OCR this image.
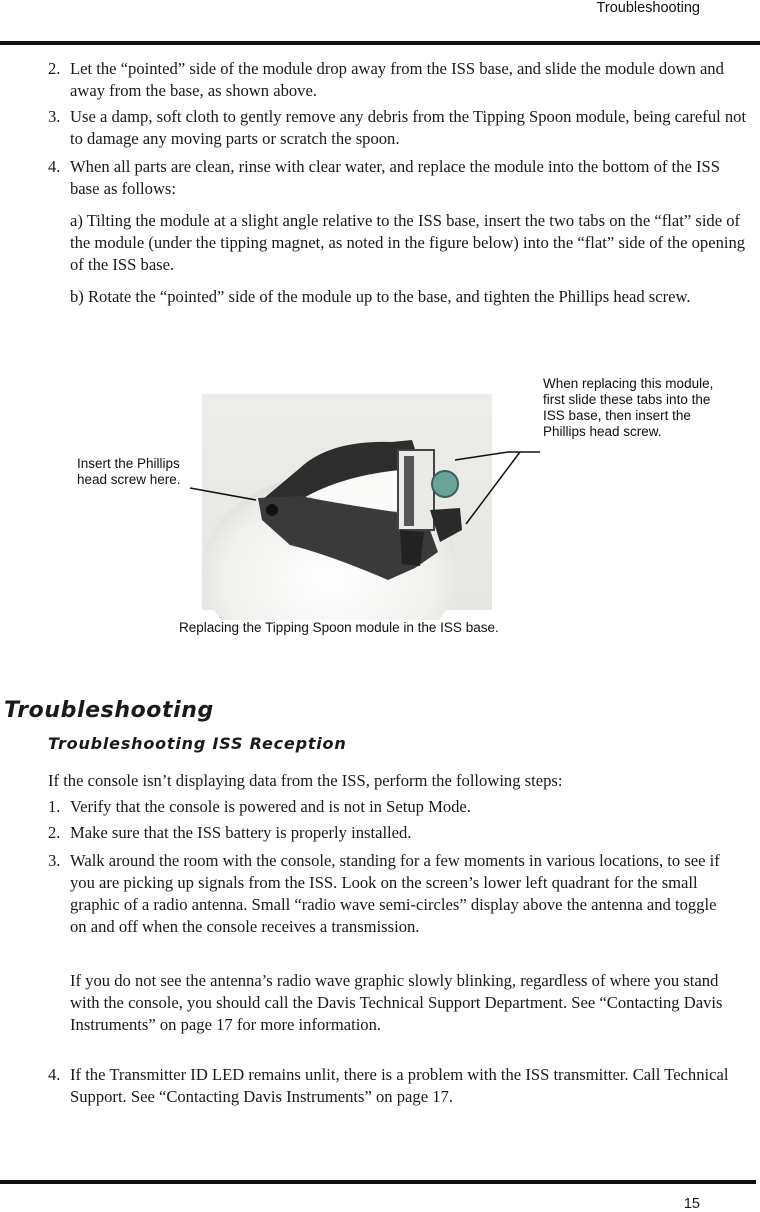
Troubleshooting
2. Let the “pointed” side of the module drop away from the ISS base, and slide the module down and away from the base, as shown above.
3. Use a damp, soft cloth to gently remove any debris from the Tipping Spoon module, being careful not to damage any moving parts or scratch the spoon.
4. When all parts are clean, rinse with clear water, and replace the module into the bottom of the ISS base as follows:
a) Tilting the module at a slight angle relative to the ISS base, insert the two tabs on the “flat” side of the module (under the tipping magnet, as noted in the figure below) into the “flat” side of the opening of the ISS base.
b) Rotate the “pointed” side of the module up to the base, and tighten the Phillips head screw.
Insert the Phillips head screw here.
When replacing this module, first slide these tabs into the ISS base, then insert the Phillips head screw.
Replacing the Tipping Spoon module in the ISS base.
Troubleshooting
Troubleshooting ISS Reception
If the console isn’t displaying data from the ISS, perform the following steps:
1. Verify that the console is powered and is not in Setup Mode.
2. Make sure that the ISS battery is properly installed.
3. Walk around the room with the console, standing for a few moments in various locations, to see if you are picking up signals from the ISS. Look on the screen’s lower left quadrant for the small graphic of a radio antenna. Small “radio wave semi-circles” display above the antenna and toggle on and off when the console receives a transmission.
If you do not see the antenna’s radio wave graphic slowly blinking, regardless of where you stand with the console, you should call the Davis Technical Support Department. See “Contacting Davis Instruments” on page 17 for more information.
4. If the Transmitter ID LED remains unlit, there is a problem with the ISS transmitter. Call Technical Support. See “Contacting Davis Instruments” on page 17.
15
